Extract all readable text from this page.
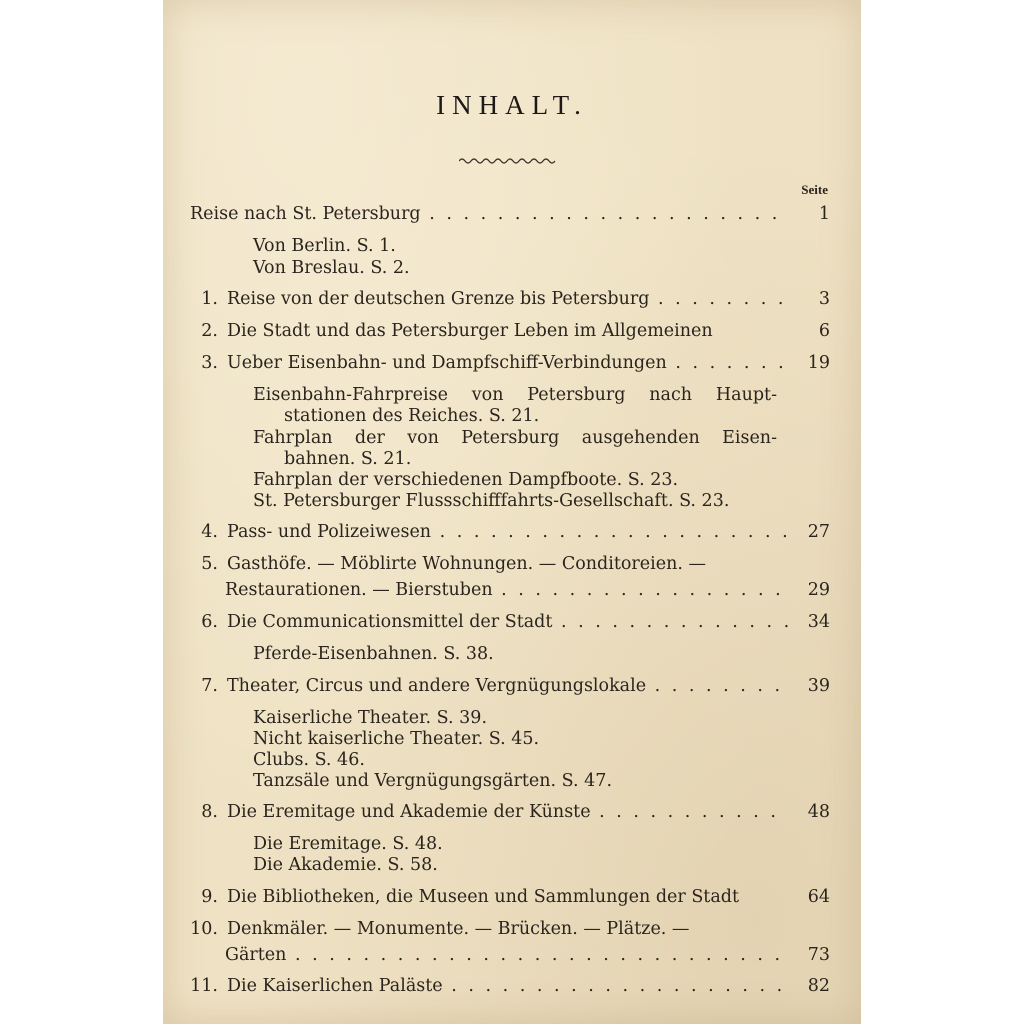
INHALT.
Seite
Reise nach St. Petersburg . . .	1
Von Berlin. S. 1.
Von Breslau. S. 2.
1. Reise von der deutschen Grenze bis Petersburg . . .	3
2. Die Stadt und das Petersburger Leben im Allgemeinen	6
3. Ueber Eisenbahn- und Dampfschiff-Verbindungen . . .	19
Eisenbahn-Fahrpreise von Petersburg nach Haupt-
stationen des Reiches. S. 21.
Fahrplan der von Petersburg ausgehenden Eisen-
bahnen. S. 21.
Fahrplan der verschiedenen Dampfboote. S. 23.
St. Petersburger Flussschifffahrts-Gesellschaft. S. 23.
4. Pass- und Polizeiwesen . . .	27
5. Gasthöfe. — Möblirte Wohnungen. — Conditoreien. —
Restaurationen. — Bierstuben . . .	29
6. Die Communicationsmittel der Stadt . . .	34
Pferde-Eisenbahnen. S. 38.
7. Theater, Circus und andere Vergnügungslokale . . .	39
Kaiserliche Theater. S. 39.
Nicht kaiserliche Theater. S. 45.
Clubs. S. 46.
Tanzsäle und Vergnügungsgärten. S. 47.
8. Die Eremitage und Akademie der Künste . . .	48
Die Eremitage. S. 48.
Die Akademie. S. 58.
9. Die Bibliotheken, die Museen und Sammlungen der Stadt	64
10. Denkmäler. — Monumente. — Brücken. — Plätze. —
Gärten . . .	73
11. Die Kaiserlichen Paläste . . .	82
